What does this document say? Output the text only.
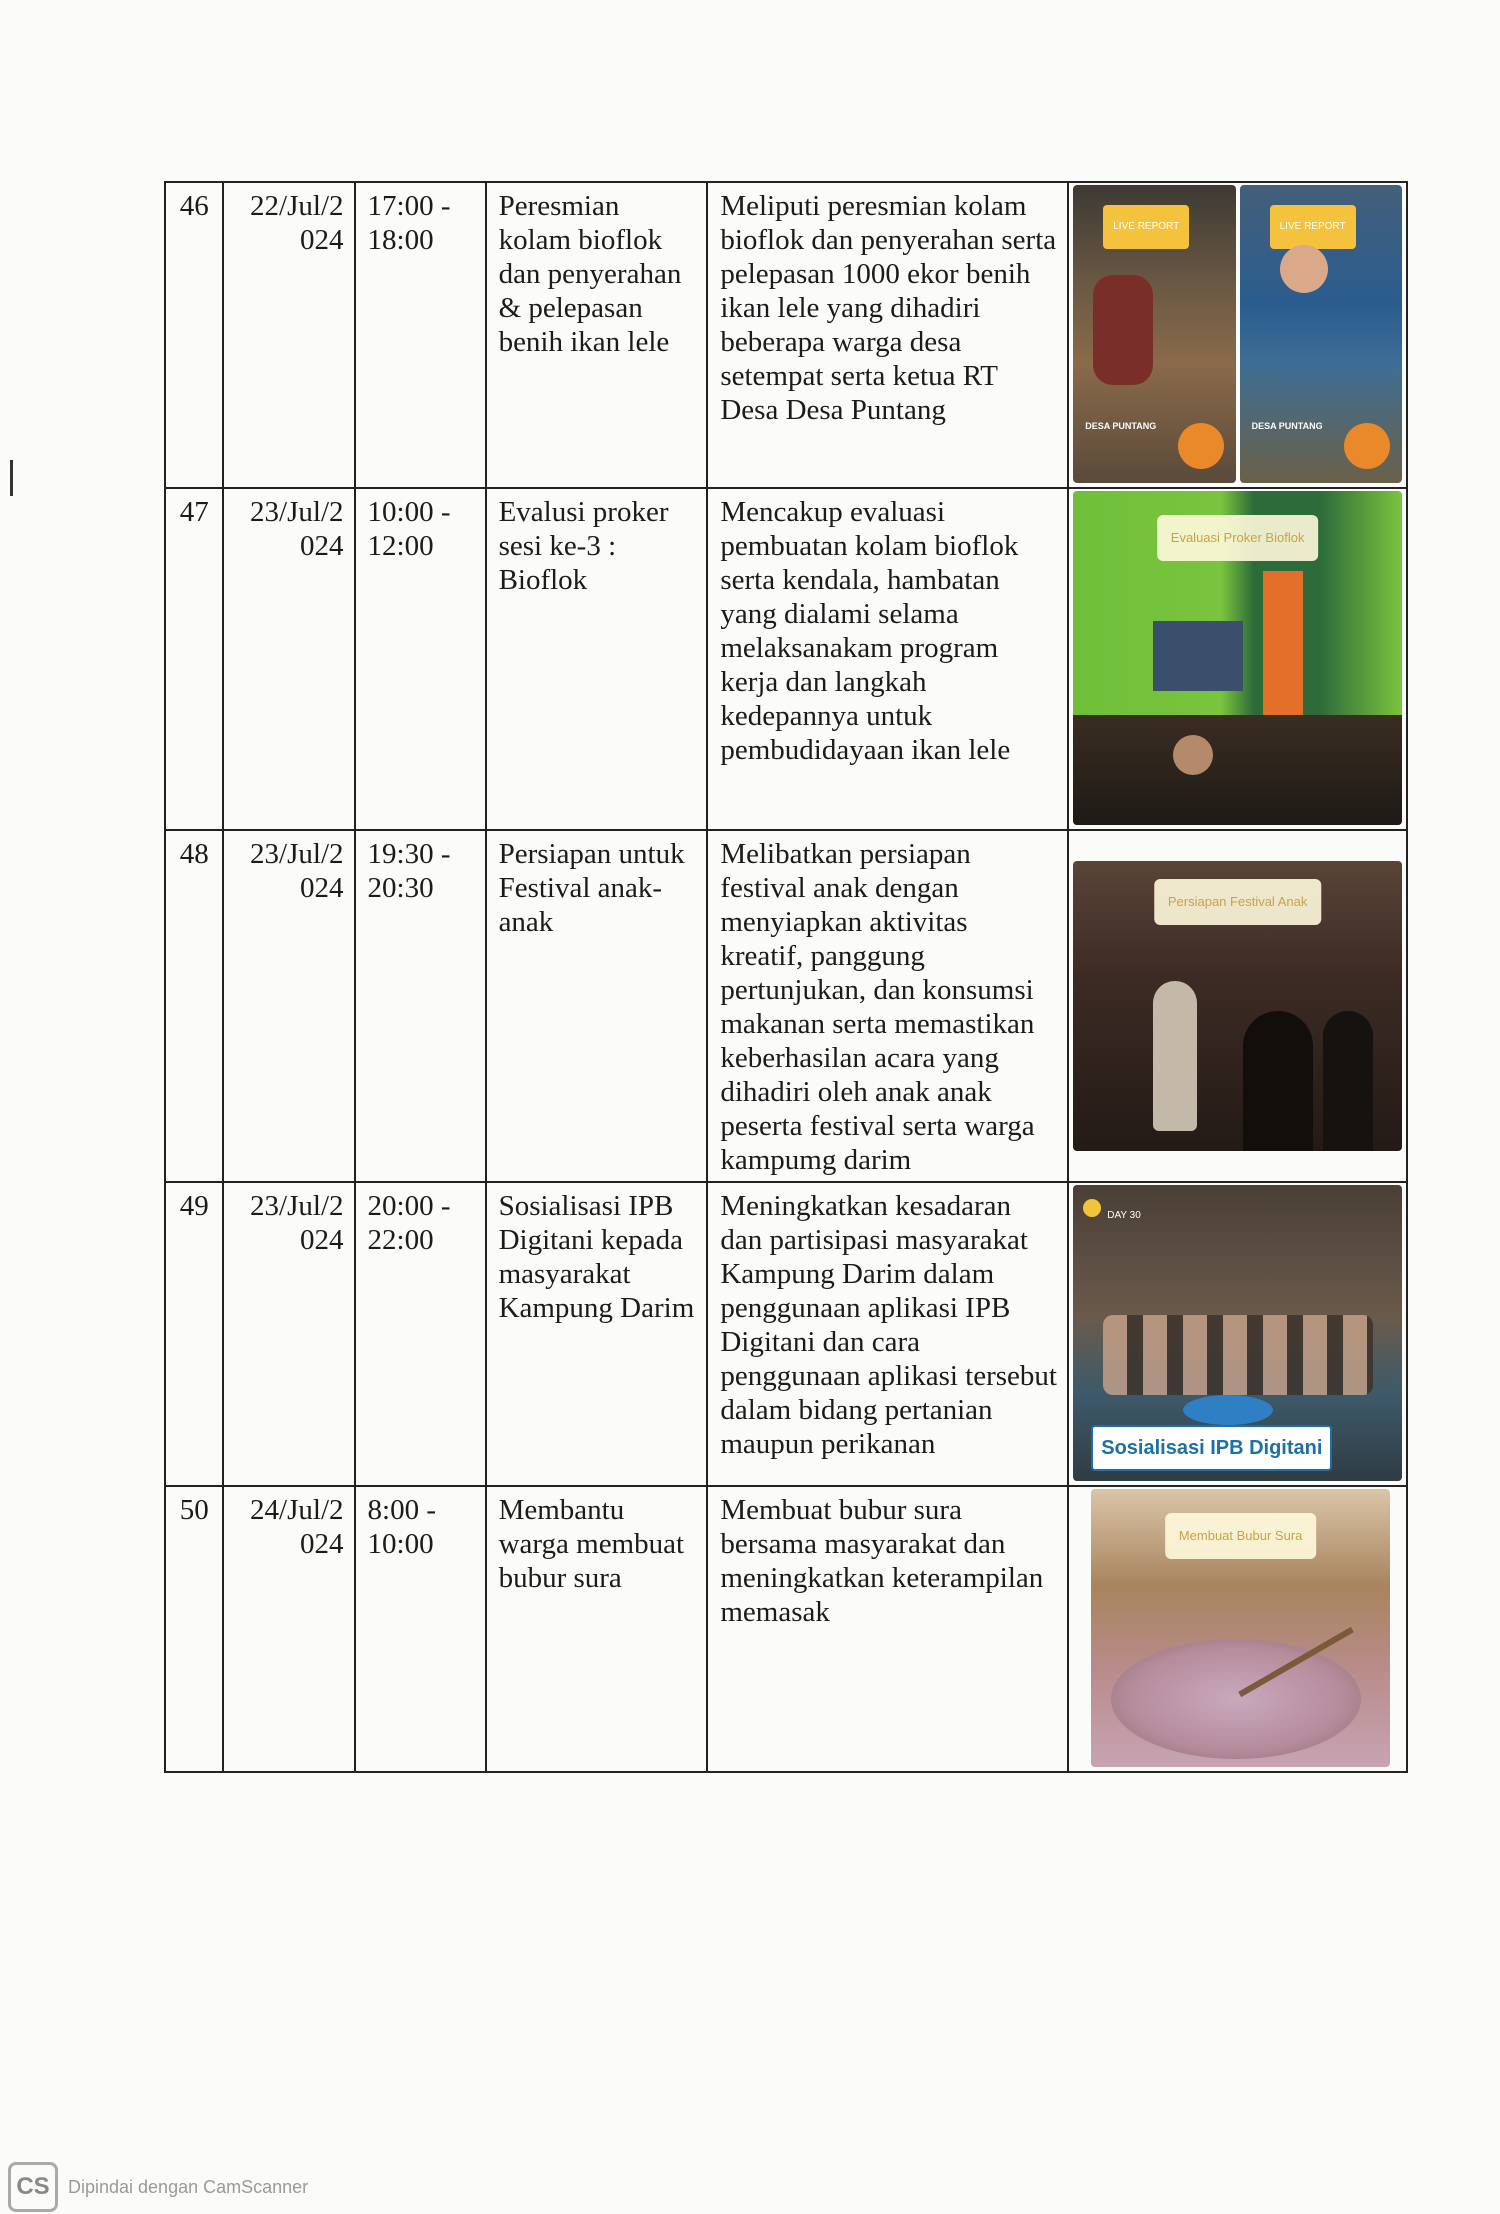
46	22/Jul/2 024	17:00 - 18:00	Peresmian kolam bioflok dan penyerahan & pelepasan benih ikan lele	Meliputi peresmian kolam bioflok dan penyerahan serta pelepasan 1000 ekor benih ikan lele yang dihadiri beberapa warga desa setempat serta ketua RT Desa Desa Puntang	LIVE REPORT
DESA PUNTANG
LIVE REPORT
DESA PUNTANG

47	23/Jul/2 024	10:00 - 12:00	Evalusi proker sesi ke-3 : Bioflok	Mencakup evaluasi pembuatan kolam bioflok serta kendala, hambatan yang dialami selama melaksanakam program kerja dan langkah kedepannya untuk pembudidayaan ikan lele	Evaluasi Proker Bioflok

48	23/Jul/2 024	19:30 - 20:30	Persiapan untuk Festival anak-anak	Melibatkan persiapan festival anak dengan menyiapkan aktivitas kreatif, panggung pertunjukan, dan konsumsi makanan serta memastikan keberhasilan acara yang dihadiri oleh anak anak peserta festival serta warga kampumg darim	Persiapan Festival Anak

49	23/Jul/2 024	20:00 - 22:00	Sosialisasi IPB Digitani kepada masyarakat Kampung Darim	Meningkatkan kesadaran dan partisipasi masyarakat Kampung Darim dalam penggunaan aplikasi IPB Digitani dan cara penggunaan aplikasi tersebut dalam bidang pertanian maupun perikanan	DAY 30
Sosialisasi IPB Digitani

50	24/Jul/2 024	8:00 - 10:00	Membantu warga membuat bubur sura	Membuat bubur sura bersama masyarakat dan meningkatkan keterampilan memasak	Membuat Bubur Sura
CS	Dipindai dengan CamScanner
